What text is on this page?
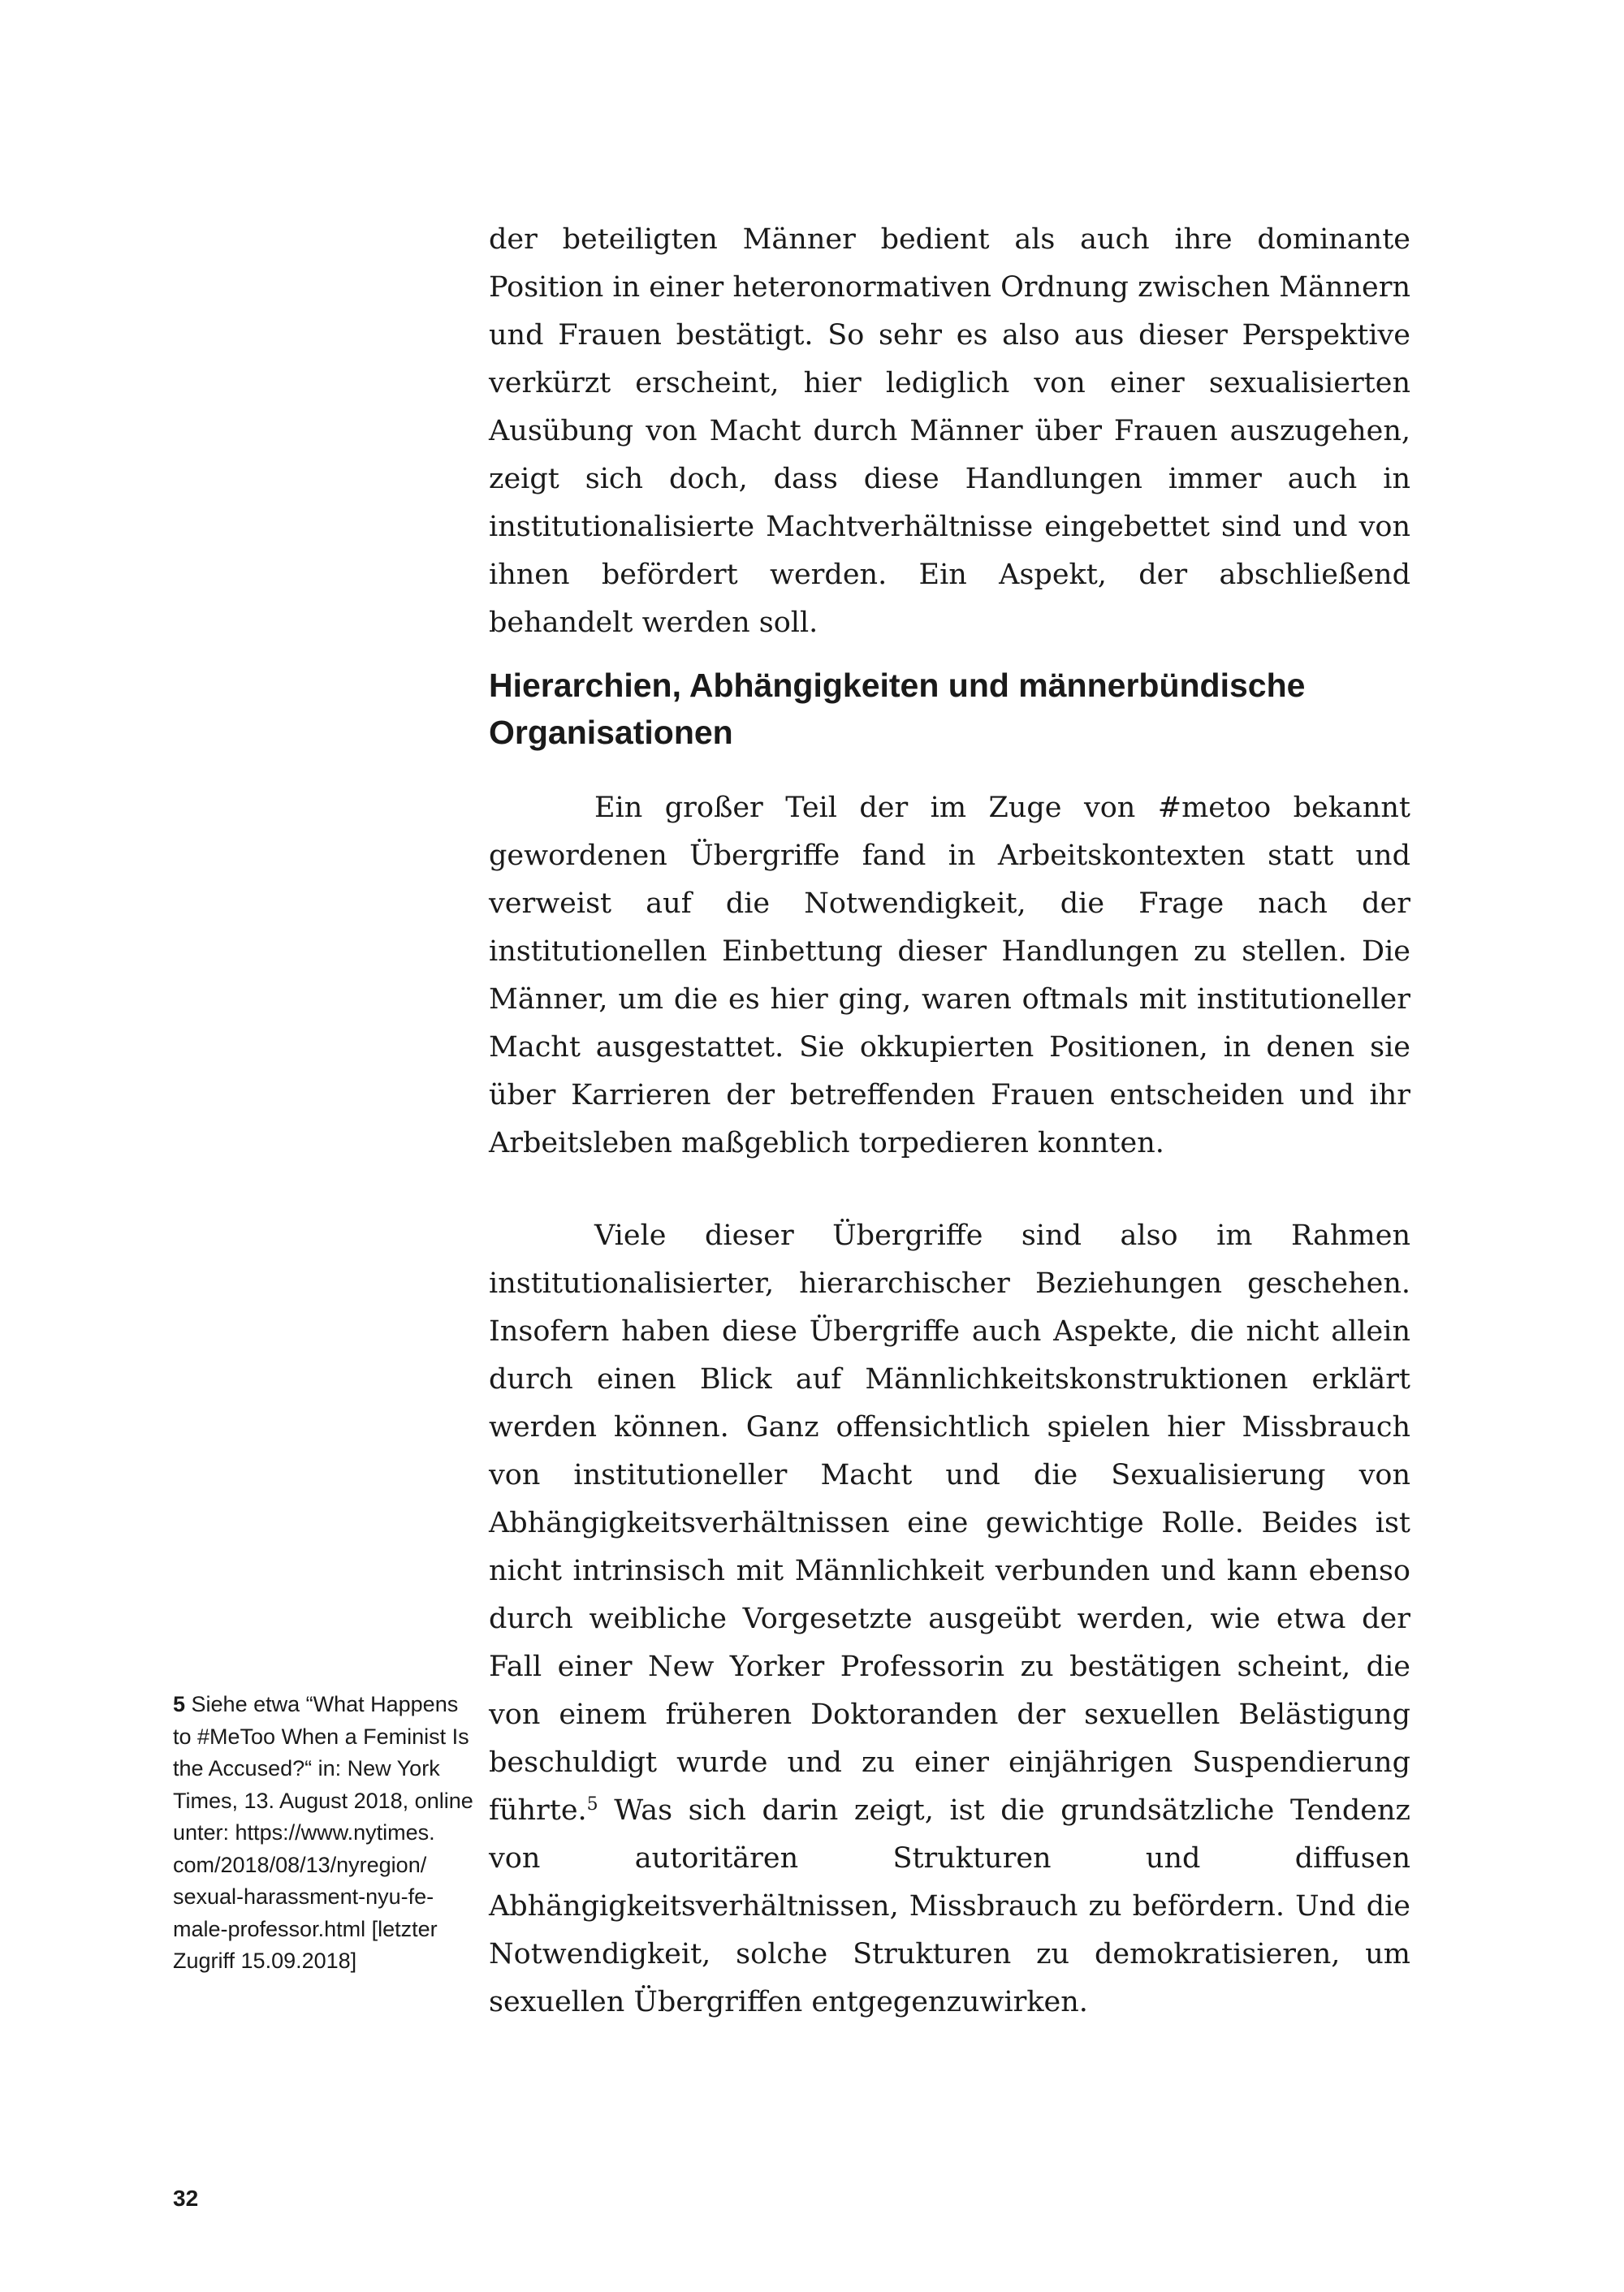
der beteiligten Männer bedient als auch ihre dominante Position in einer heteronormativen Ordnung zwischen Männern und Frauen bestätigt. So sehr es also aus dieser Perspektive verkürzt erscheint, hier lediglich von einer sexualisierten Ausübung von Macht durch Männer über Frauen auszugehen, zeigt sich doch, dass diese Handlungen immer auch in institutionalisierte Machtverhältnisse eingebettet sind und von ihnen befördert werden. Ein Aspekt, der abschließend behandelt werden soll.

Hierarchien, Abhängigkeiten und männerbündische Organisationen

Ein großer Teil der im Zuge von #metoo bekannt gewordenen Übergriffe fand in Arbeitskontexten statt und verweist auf die Notwendigkeit, die Frage nach der institutionellen Einbettung dieser Handlungen zu stellen. Die Männer, um die es hier ging, waren oftmals mit institutioneller Macht ausgestattet. Sie okkupierten Positionen, in denen sie über Karrieren der betreffenden Frauen entscheiden und ihr Arbeitsleben maßgeblich torpedieren konnten.

Viele dieser Übergriffe sind also im Rahmen institutionalisierter, hierarchischer Beziehungen geschehen. Insofern haben diese Übergriffe auch Aspekte, die nicht allein durch einen Blick auf Männlichkeitskonstruktionen erklärt werden können. Ganz offensichtlich spielen hier Missbrauch von institutioneller Macht und die Sexualisierung von Abhängigkeitsverhältnissen eine gewichtige Rolle. Beides ist nicht intrinsisch mit Männlichkeit verbunden und kann ebenso durch weibliche Vorgesetzte ausgeübt werden, wie etwa der Fall einer New Yorker Professorin zu bestätigen scheint, die von einem früheren Doktoranden der sexuellen Belästigung beschuldigt wurde und zu einer einjährigen Suspendierung führte.$^5$ Was sich darin zeigt, ist die grundsätzliche Tendenz von autoritären Strukturen und diffusen Abhängigkeitsverhältnissen, Missbrauch zu befördern. Und die Notwendigkeit, solche Strukturen zu demokratisieren, um sexuellen Übergriffen entgegenzuwirken.

5 Siehe etwa “What Happens to #MeToo When a Feminist Is the Accused?“ in: New York Times, 13. August 2018, online unter: https://www.nytimes.​com/2018/08/13/nyregion/​sexual-harassment-nyu-female-professor.html [letzter Zugriff 15.09.2018]

32
